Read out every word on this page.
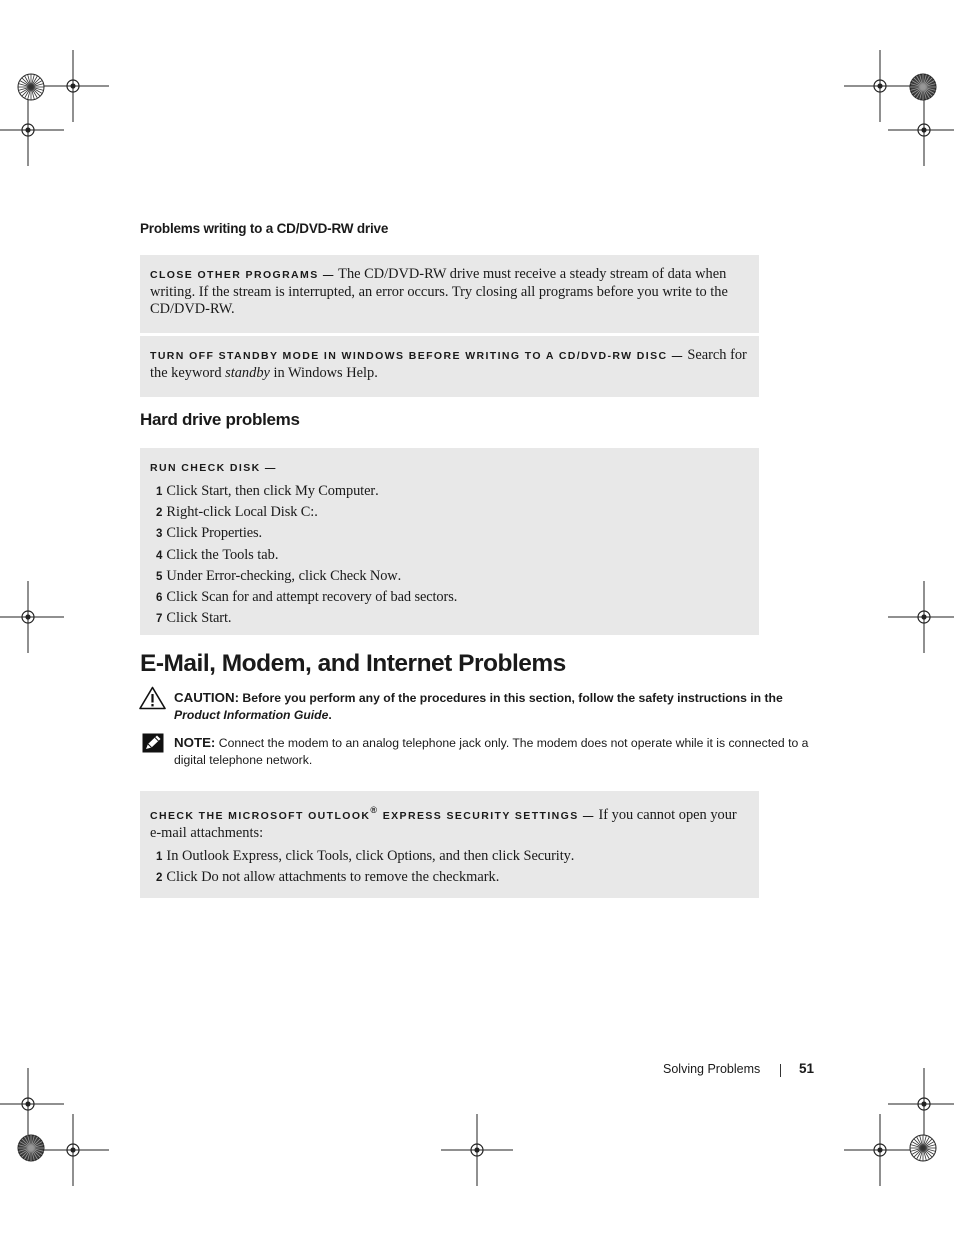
Problems writing to a CD/DVD-RW drive

CLOSE OTHER PROGRAMS — The CD/DVD-RW drive must receive a steady stream of data when writing. If the stream is interrupted, an error occurs. Try closing all programs before you write to the CD/DVD-RW.

TURN OFF STANDBY MODE IN WINDOWS BEFORE WRITING TO A CD/DVD-RW DISC — Search for the keyword standby in Windows Help.

Hard drive problems

RUN CHECK DISK —

1 Click Start, then click My Computer.
2 Right-click Local Disk C:.
3 Click Properties.
4 Click the Tools tab.
5 Under Error-checking, click Check Now.
6 Click Scan for and attempt recovery of bad sectors.
7 Click Start.
E-Mail, Modem, and Internet Problems
CAUTION: Before you perform any of the procedures in this section, follow the safety instructions in the Product Information Guide.
NOTE: Connect the modem to an analog telephone jack only. The modem does not operate while it is connected to a digital telephone network.

CHECK THE MICROSOFT OUTLOOK® EXPRESS SECURITY SETTINGS — If you cannot open your e-mail attachments:

1 In Outlook Express, click Tools, click Options, and then click Security.
2 Click Do not allow attachments to remove the checkmark.
Solving Problems	51
